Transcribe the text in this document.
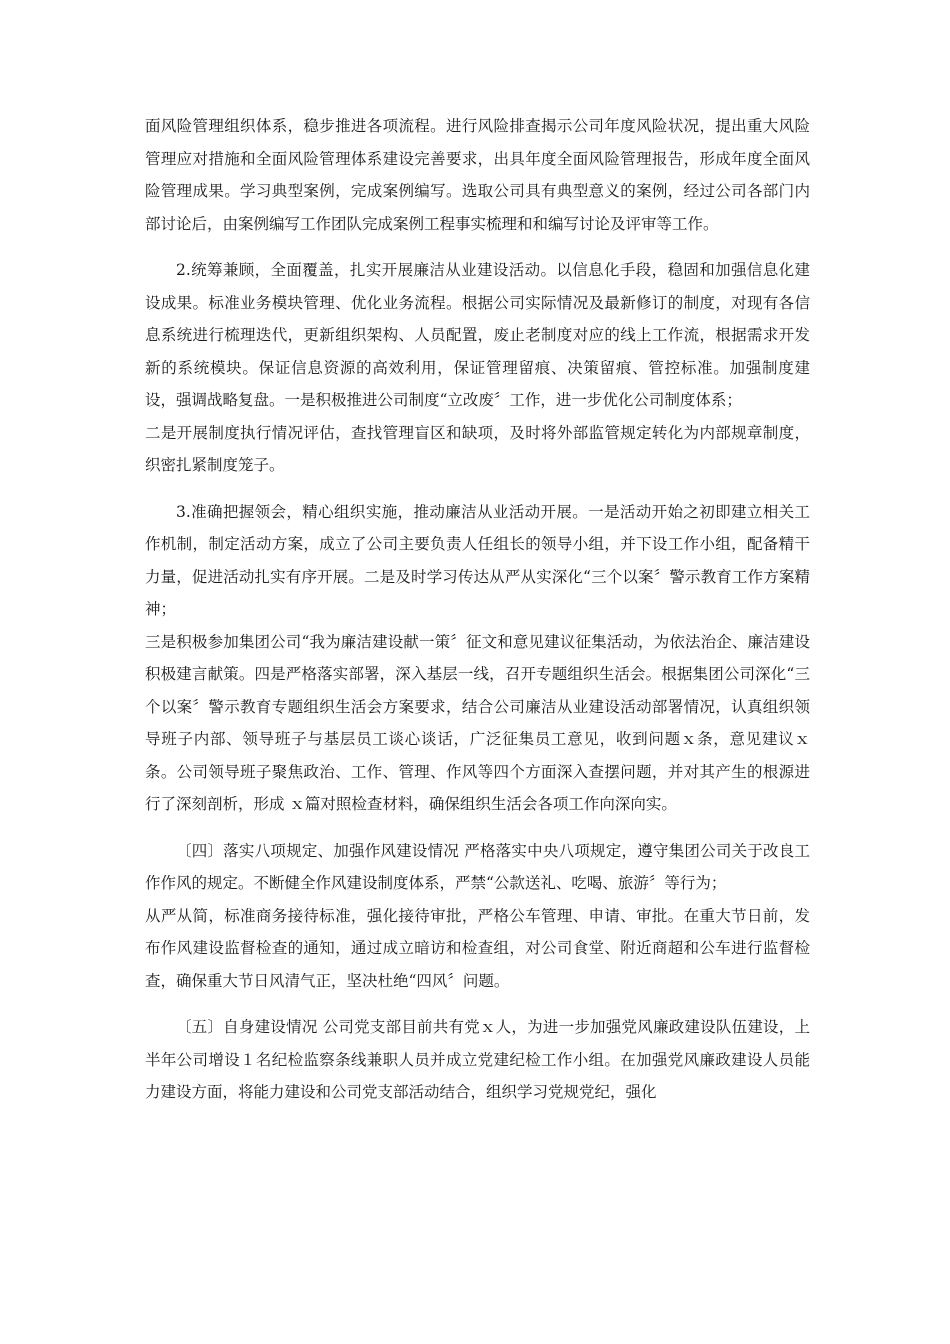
面风险管理组织体系，稳步推进各项流程。进行风险排查揭示公司年度风险状况，提出重大风险管理应对措施和全面风险管理体系建设完善要求，出具年度全面风险管理报告，形成年度全面风险管理成果。学习典型案例，完成案例编写。选取公司具有典型意义的案例，经过公司各部门内部讨论后，由案例编写工作团队完成案例工程事实梳理和和编写讨论及评审等工作。

2.统筹兼顾，全面覆盖，扎实开展廉洁从业建设活动。以信息化手段，稳固和加强信息化建设成果。标准业务模块管理、优化业务流程。根据公司实际情况及最新修订的制度，对现有各信息系统进行梳理迭代，更新组织架构、人员配置，废止老制度对应的线上工作流，根据需求开发新的系统模块。保证信息资源的高效利用，保证管理留痕、决策留痕、管控标准。加强制度建设，强调战略复盘。一是积极推进公司制度“立改废〞工作，进一步优化公司制度体系；

二是开展制度执行情况评估，查找管理盲区和缺项，及时将外部监管规定转化为内部规章制度，织密扎紧制度笼子。

3.准确把握领会，精心组织实施，推动廉洁从业活动开展。一是活动开始之初即建立相关工作机制，制定活动方案，成立了公司主要负责人任组长的领导小组，并下设工作小组，配备精干力量，促进活动扎实有序开展。二是及时学习传达从严从实深化“三个以案〞警示教育工作方案精神；

三是积极参加集团公司“我为廉洁建设献一策〞征文和意见建议征集活动，为依法治企、廉洁建设积极建言献策。四是严格落实部署，深入基层一线，召开专题组织生活会。根据集团公司深化“三个以案〞警示教育专题组织生活会方案要求，结合公司廉洁从业建设活动部署情况，认真组织领导班子内部、领导班子与基层员工谈心谈话，广泛征集员工意见，收到问题ｘ条，意见建议ｘ条。公司领导班子聚焦政治、工作、管理、作风等四个方面深入查摆问题，并对其产生的根源进行了深刻剖析，形成 ｘ篇对照检查材料，确保组织生活会各项工作向深向实。

〔四〕落实八项规定、加强作风建设情况 严格落实中央八项规定，遵守集团公司关于改良工作作风的规定。不断健全作风建设制度体系，严禁“公款送礼、吃喝、旅游〞等行为；

从严从简，标准商务接待标准，强化接待审批，严格公车管理、申请、审批。在重大节日前，发布作风建设监督检查的通知，通过成立暗访和检查组，对公司食堂、附近商超和公车进行监督检查，确保重大节日风清气正，坚决杜绝“四风〞问题。

〔五〕自身建设情况 公司党支部目前共有党ｘ人，为进一步加强党风廉政建设队伍建设，上半年公司增设１名纪检监察条线兼职人员并成立党建纪检工作小组。在加强党风廉政建设人员能力建设方面，将能力建设和公司党支部活动结合，组织学习党规党纪，强化
